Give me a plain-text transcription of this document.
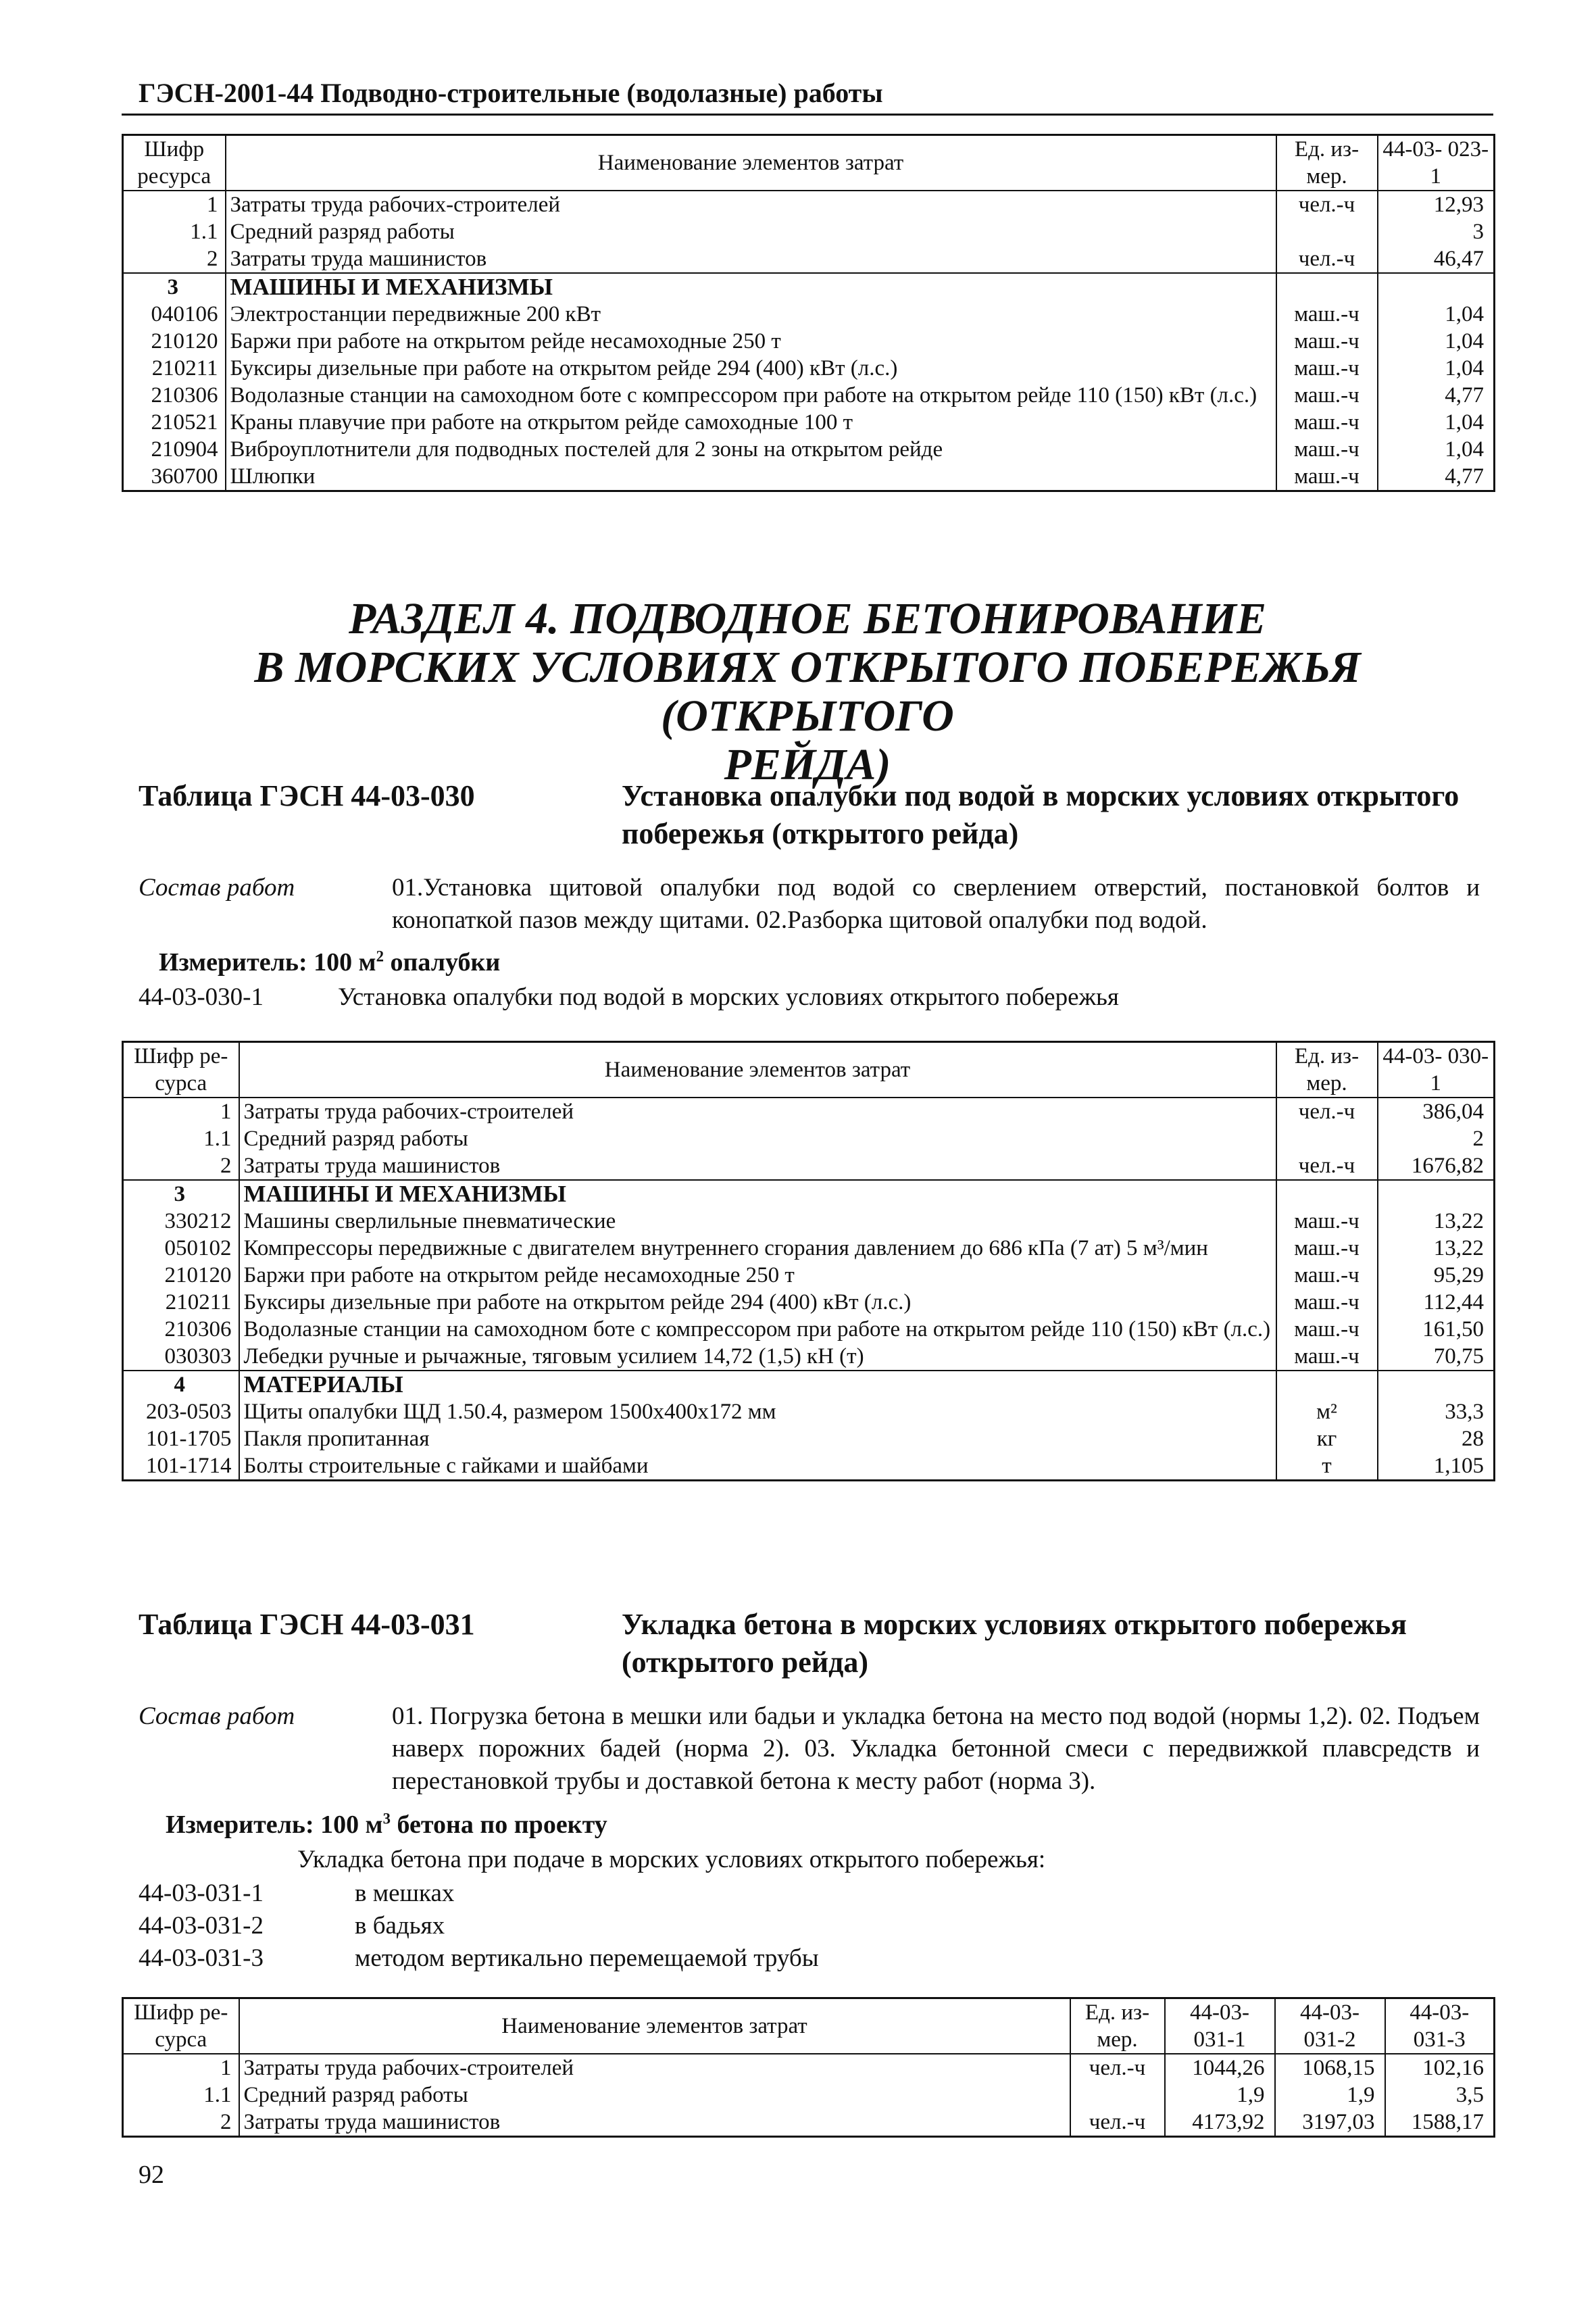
ГЭСН-2001-44 Подводно-строительные (водолазные) работы
Шифр ресурса	Наименование элементов затрат	Ед. из- мер.	44-03- 023-1
1	Затраты труда рабочих-строителей	чел.-ч	12,93
1.1	Средний разряд работы		3
2	Затраты труда машинистов	чел.-ч	46,47
3	МАШИНЫ И МЕХАНИЗМЫ		
040106	Электростанции передвижные 200 кВт	маш.-ч	1,04
210120	Баржи при работе на открытом рейде несамоходные 250 т	маш.-ч	1,04
210211	Буксиры дизельные при работе на открытом рейде 294 (400) кВт (л.с.)	маш.-ч	1,04
210306	Водолазные станции на самоходном боте с компрессором при работе на открытом рейде 110 (150) кВт (л.с.)	маш.-ч	4,77
210521	Краны плавучие при работе на открытом рейде самоходные 100 т	маш.-ч	1,04
210904	Виброуплотнители для подводных постелей для 2 зоны на открытом рейде	маш.-ч	1,04
360700	Шлюпки	маш.-ч	4,77
РАЗДЕЛ 4. ПОДВОДНОЕ БЕТОНИРОВАНИЕ
В МОРСКИХ УСЛОВИЯХ ОТКРЫТОГО ПОБЕРЕЖЬЯ (ОТКРЫТОГО
РЕЙДА)
Таблица ГЭСН 44-03-030	Установка опалубки под водой в морских условиях открытого побережья (открытого рейда)
Состав работ	01.Установка щитовой опалубки под водой со сверлением отверстий, постановкой болтов и конопаткой пазов между щитами. 02.Разборка щитовой опалубки под водой.
Измеритель: 100 $м^2$ опалубки
44-03-030-1	Установка опалубки под водой в морских условиях открытого побережья
Шифр ре- сурса	Наименование элементов затрат	Ед. из- мер.	44-03- 030-1
1	Затраты труда рабочих-строителей	чел.-ч	386,04
1.1	Средний разряд работы		2
2	Затраты труда машинистов	чел.-ч	1676,82
3	МАШИНЫ И МЕХАНИЗМЫ		
330212	Машины сверлильные пневматические	маш.-ч	13,22
050102	Компрессоры передвижные с двигателем внутреннего сгорания давлением до 686 кПа (7 ат) 5 м³/мин	маш.-ч	13,22
210120	Баржи при работе на открытом рейде несамоходные 250 т	маш.-ч	95,29
210211	Буксиры дизельные при работе на открытом рейде 294 (400) кВт (л.с.)	маш.-ч	112,44
210306	Водолазные станции на самоходном боте с компрессором при работе на открытом рейде 110 (150) кВт (л.с.)	маш.-ч	161,50
030303	Лебедки ручные и рычажные, тяговым усилием 14,72 (1,5) кН (т)	маш.-ч	70,75
4	МАТЕРИАЛЫ		
203-0503	Щиты опалубки ЩД 1.50.4, размером 1500х400х172 мм	м²	33,3
101-1705	Пакля пропитанная	кг	28
101-1714	Болты строительные с гайками и шайбами	т	1,105
Таблица ГЭСН 44-03-031	Укладка бетона в морских условиях открытого побережья (открытого рейда)
Состав работ	01. Погрузка бетона в мешки или бадьи и укладка бетона на место под водой (нормы 1,2). 02. Подъем наверх порожних бадей (норма 2). 03. Укладка бетонной смеси с передвижкой плавсредств и перестановкой трубы и доставкой бетона к месту работ (норма 3).
Измеритель: 100 $м^3$ бетона по проекту
Укладка бетона при подаче в морских условиях открытого побережья:
44-03-031-1	в мешках
44-03-031-2	в бадьях
44-03-031-3	методом вертикально перемещаемой трубы
Шифр ре- сурса	Наименование элементов затрат	Ед. из- мер.	44-03- 031-1	44-03- 031-2	44-03- 031-3
1	Затраты труда рабочих-строителей	чел.-ч	1044,26	1068,15	102,16
1.1	Средний разряд работы		1,9	1,9	3,5
2	Затраты труда машинистов	чел.-ч	4173,92	3197,03	1588,17
92
